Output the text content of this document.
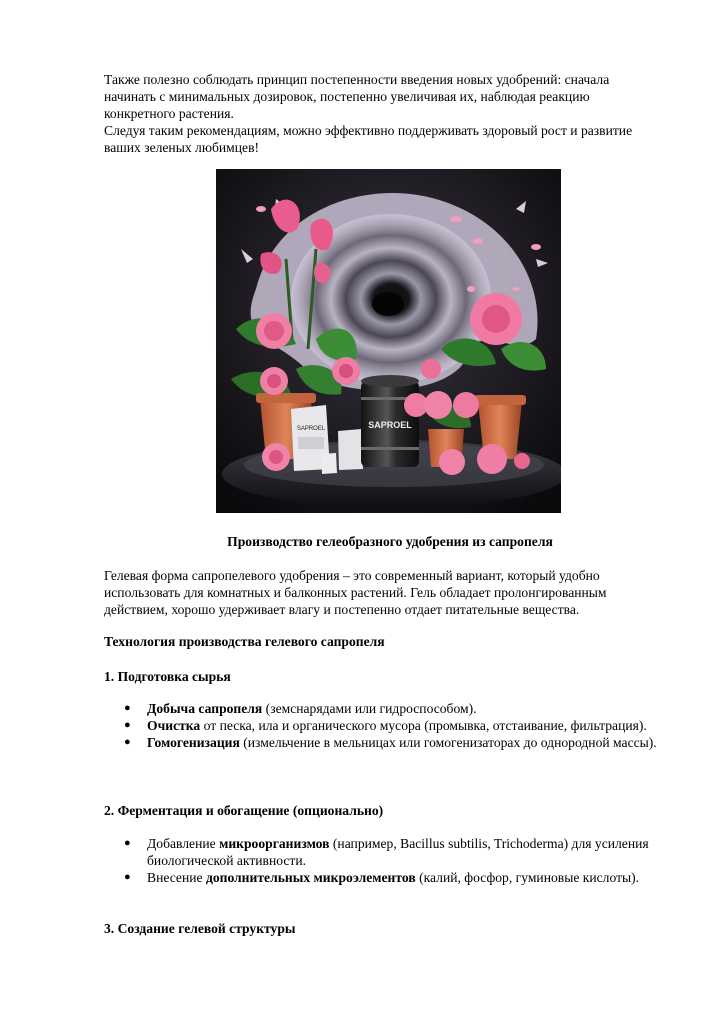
Также полезно соблюдать принцип постепенности введения новых удобрений: сначала начинать с минимальных дозировок, постепенно увеличивая их, наблюдая реакцию конкретного растения.
Следуя таким рекомендациям, можно эффективно поддерживать здоровый рост и развитие ваших зеленых любимцев!
SAPROEL	SAPROEL

Производство гелеобразного удобрения из сапропеля

Гелевая форма сапропелевого удобрения – это современный вариант, который удобно использовать для комнатных и балконных растений. Гель обладает пролонгированным действием, хорошо удерживает влагу и постепенно отдает питательные вещества.

Технология производства гелевого сапропеля

1. Подготовка сырья

● Добыча сапропеля (земснарядами или гидроспособом).
● Очистка от песка, ила и органического мусора (промывка, отстаивание, фильтрация).
● Гомогенизация (измельчение в мельницах или гомогенизаторах до однородной массы).

2. Ферментация и обогащение (опционально)

● Добавление микроорганизмов (например, Bacillus subtilis, Trichoderma) для усиления биологической активности.
● Внесение дополнительных микроэлементов (калий, фосфор, гуминовые кислоты).

3. Создание гелевой структуры
